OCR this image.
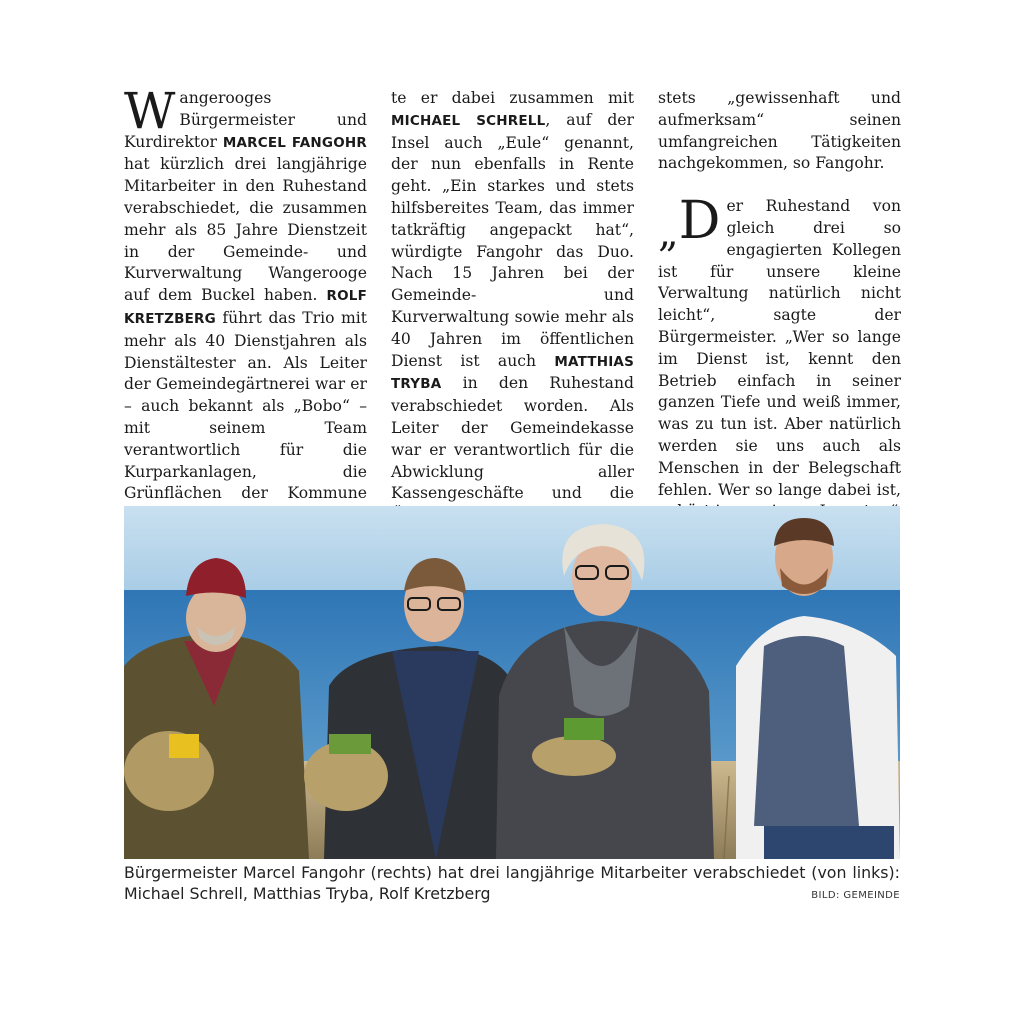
Wangerooges Bürgermeister und Kurdirektor MARCEL FANGOHR hat kürzlich drei langjährige Mitarbeiter in den Ruhestand verabschiedet, die zusammen mehr als 85 Jahre Dienstzeit in der Gemeinde- und Kurverwaltung Wangerooge auf dem Buckel haben. ROLF KRETZBERG führt das Trio mit mehr als 40 Dienstjahren als Dienstältester an. Als Leiter der Gemeindegärtnerei war er – auch bekannt als „Bobo“ – mit seinem Team verantwortlich für die Kurparkanlagen, die Grünflächen der Kommune
te er dabei zusammen mit MICHAEL SCHRELL, auf der Insel auch „Eule“ genannt, der nun ebenfalls in Rente geht. „Ein starkes und stets hilfsbereites Team, das immer tatkräftig angepackt hat“, würdigte Fangohr das Duo. Nach 15 Jahren bei der Gemeinde- und Kurverwaltung sowie mehr als 40 Jahren im öffentlichen Dienst ist auch MATTHIAS TRYBA in den Ruhestand verabschiedet worden. Als Leiter der Gemeindekasse war er verantwortlich für die Abwicklung aller Kassengeschäfte und die

stets „gewissenhaft und aufmerksam“ seinen umfangreichen Tätigkeiten nachgekommen, so Fangohr.

„D er Ruhestand von gleich drei so engagierten Kollegen ist für unsere kleine Verwaltung natürlich nicht leicht“, sagte der Bürgermeister. „Wer so lange im Dienst ist, kennt den Betrieb einfach in seiner ganzen Tiefe und weiß immer, was zu tun ist. Aber natürlich werden sie uns auch als Menschen in der Belegschaft fehlen. Wer so lange dabei ist,

Bürgermeister Marcel Fangohr (rechts) hat drei langjährige Mitarbeiter verabschiedet (von links): Michael Schrell, Matthias Tryba, Rolf Kretzberg	BILD: GEMEINDE
